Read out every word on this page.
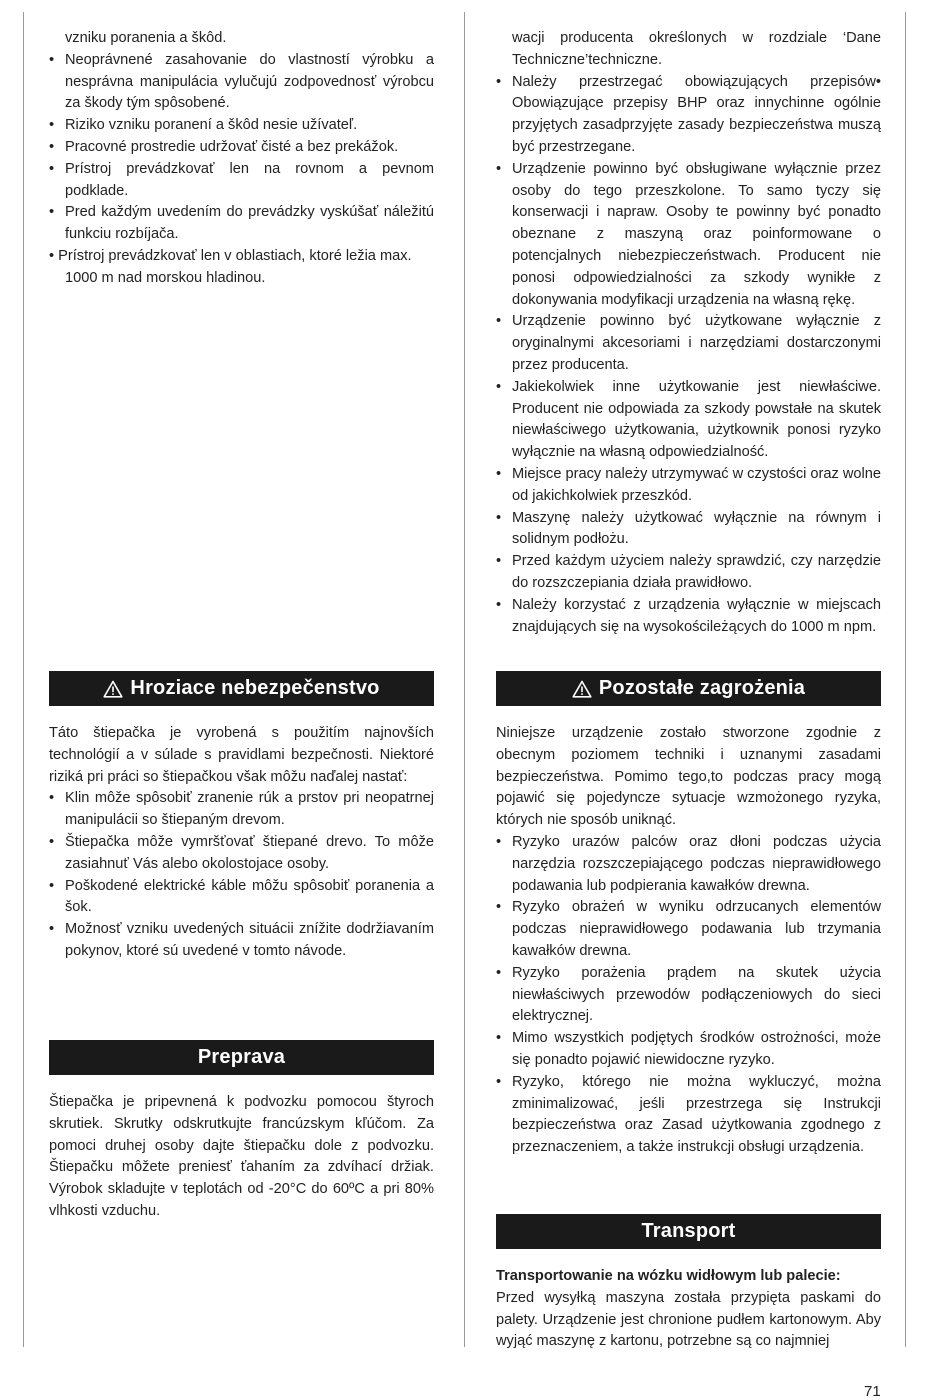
vzniku poranenia a škôd.

• Neoprávnené zasahovanie do vlastností výrobku a nesprávna manipulácia vylučujú zodpovednosť výrobcu za škody tým spôsobené.

• Riziko vzniku poranení a škôd nesie užívateľ.

• Pracovné prostredie udržovať čisté a bez prekážok.

• Prístroj prevádzkovať len na rovnom a pevnom podklade.

• Pred každým uvedením do prevádzky vyskúšať náležitú funkciu rozbíjača.

• Prístroj prevádzkovať len v oblastiach, ktoré ležia max.

1000 m nad morskou hladinou.

Hroziace nebezpečenstvo

Táto štiepačka je vyrobená s použitím najnovších technológií a v súlade s pravidlami bezpečnosti. Niektoré riziká pri práci so štiepačkou však môžu naďalej nastať:

• Klin môže spôsobiť zranenie rúk a prstov pri neopatrnej manipulácii so štiepaným drevom.

• Štiepačka môže vymršťovať štiepané drevo. To môže zasiahnuť Vás alebo okolostojace osoby.

• Poškodené elektrické káble môžu spôsobiť poranenia a šok.

• Možnosť vzniku uvedených situácii znížite dodržiavaním pokynov, ktoré sú uvedené v tomto návode.

Preprava

Štiepačka je pripevnená k podvozku pomocou štyroch skrutiek. Skrutky odskrutkujte francúzskym kľúčom. Za pomoci druhej osoby dajte štiepačku dole z podvozku. Štiepačku môžete preniesť ťahaním za zdvíhací držiak. Výrobok skladujte v teplotách od -20°C do 60ºC a pri 80% vlhkosti vzduchu.

wacji producenta określonych w rozdziale ‘Dane Techniczne’techniczne.

• Należy przestrzegać obowiązujących przepisów• Obowiązujące przepisy BHP oraz innychinne ogólnie przyjętych zasadprzyjęte zasady bezpieczeństwa muszą być przestrzegane.

• Urządzenie powinno być obsługiwane wyłącznie przez osoby do tego przeszkolone. To samo tyczy się konserwacji i napraw. Osoby te powinny być ponadto obeznane z maszyną oraz poinformowane o potencjalnych niebezpieczeństwach. Producent nie ponosi odpowiedzialności za szkody wynikłe z dokonywania modyfikacji urządzenia na własną rękę.

• Urządzenie powinno być użytkowane wyłącznie z oryginalnymi akcesoriami i narzędziami dostarczonymi przez producenta.

• Jakiekolwiek inne użytkowanie jest niewłaściwe. Producent nie odpowiada za szkody powstałe na skutek niewłaściwego użytkowania, użytkownik ponosi ryzyko wyłącznie na własną odpowiedzialność.

• Miejsce pracy należy utrzymywać w czystości oraz wolne od jakichkolwiek przeszkód.

• Maszynę należy użytkować wyłącznie na równym i solidnym podłożu.

• Przed każdym użyciem należy sprawdzić, czy narzędzie do rozszczepiania działa prawidłowo.

• Należy korzystać z urządzenia wyłącznie w miejscach znajdujących się na wysokościleżących do 1000 m npm.

Pozostałe zagrożenia

Niniejsze urządzenie zostało stworzone zgodnie z obecnym poziomem techniki i uznanymi zasadami bezpieczeństwa. Pomimo tego,to podczas pracy mogą pojawić się pojedyncze sytuacje wzmożonego ryzyka, których nie sposób uniknąć.

• Ryzyko urazów palców oraz dłoni podczas użycia narzędzia rozszczepiającego podczas nieprawidłowego podawania lub podpierania kawałków drewna.

• Ryzyko obrażeń w wyniku odrzucanych elementów podczas nieprawidłowego podawania lub trzymania kawałków drewna.

• Ryzyko porażenia prądem na skutek użycia niewłaściwych przewodów podłączeniowych do sieci elektrycznej.

• Mimo wszystkich podjętych środków ostrożności, może się ponadto pojawić niewidoczne ryzyko.

• Ryzyko, którego nie można wykluczyć, można zminimalizować, jeśli przestrzega się Instrukcji bezpieczeństwa oraz Zasad użytkowania zgodnego z przeznaczeniem, a także instrukcji obsługi urządzenia.

Transport

Transportowanie na wózku widłowym lub palecie:

Przed wysyłką maszyna została przypięta paskami do palety. Urządzenie jest chronione pudłem kartonowym. Aby wyjąć maszynę z kartonu, potrzebne są co najmniej

71
